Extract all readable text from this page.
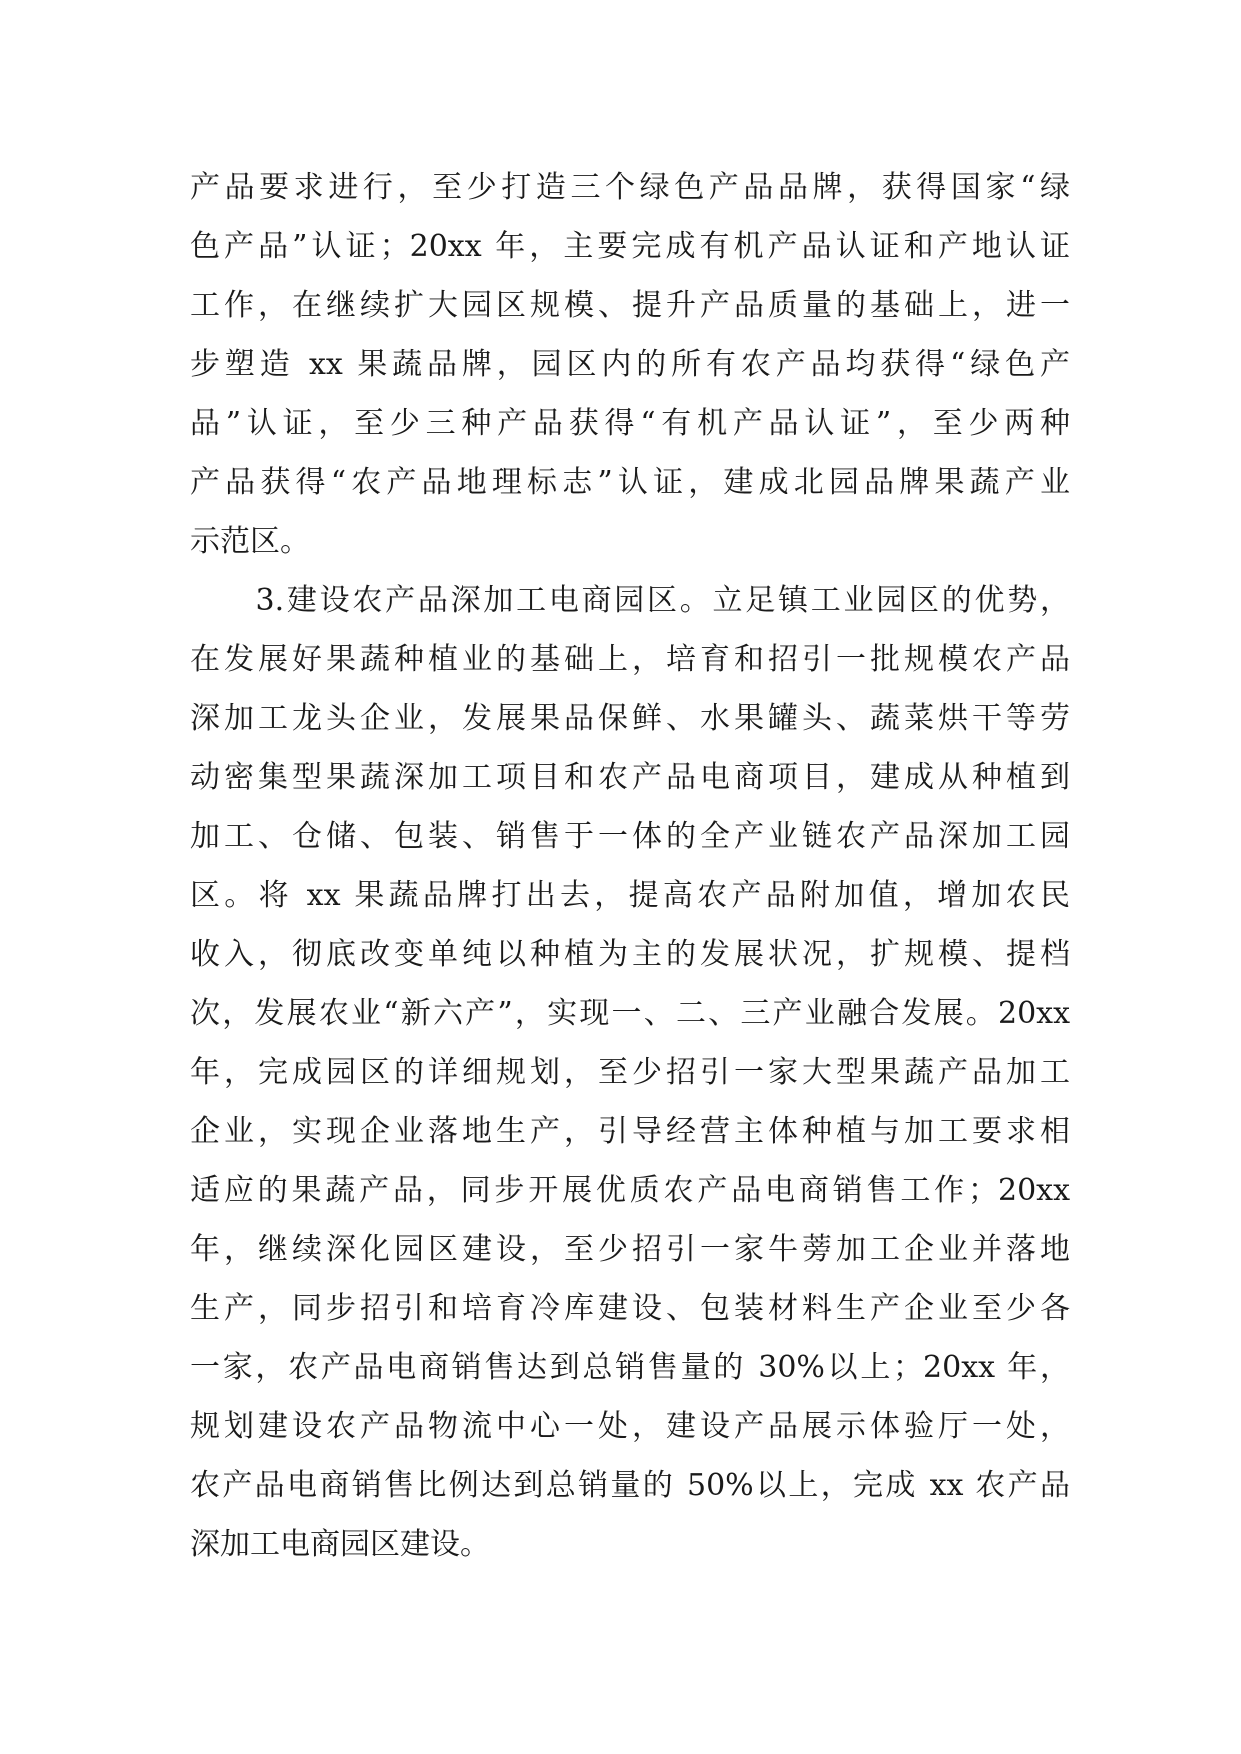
产品要求进行，至少打造三个绿色产品品牌，获得国家“绿
色产品”认证；20xx 年，主要完成有机产品认证和产地认证
工作，在继续扩大园区规模、提升产品质量的基础上，进一
步塑造 xx 果蔬品牌，园区内的所有农产品均获得“绿色产
品”认证，至少三种产品获得“有机产品认证”，至少两种
产品获得“农产品地理标志”认证，建成北园品牌果蔬产业
示范区。
　　3.建设农产品深加工电商园区。立足镇工业园区的优势，
在发展好果蔬种植业的基础上，培育和招引一批规模农产品
深加工龙头企业，发展果品保鲜、水果罐头、蔬菜烘干等劳
动密集型果蔬深加工项目和农产品电商项目，建成从种植到
加工、仓储、包装、销售于一体的全产业链农产品深加工园
区。将 xx 果蔬品牌打出去，提高农产品附加值，增加农民
收入，彻底改变单纯以种植为主的发展状况，扩规模、提档
次，发展农业“新六产”，实现一、二、三产业融合发展。20xx
年，完成园区的详细规划，至少招引一家大型果蔬产品加工
企业，实现企业落地生产，引导经营主体种植与加工要求相
适应的果蔬产品，同步开展优质农产品电商销售工作；20xx
年，继续深化园区建设，至少招引一家牛蒡加工企业并落地
生产，同步招引和培育冷库建设、包装材料生产企业至少各
一家，农产品电商销售达到总销售量的 30%以上；20xx 年，
规划建设农产品物流中心一处，建设产品展示体验厅一处，
农产品电商销售比例达到总销量的 50%以上，完成 xx 农产品
深加工电商园区建设。
